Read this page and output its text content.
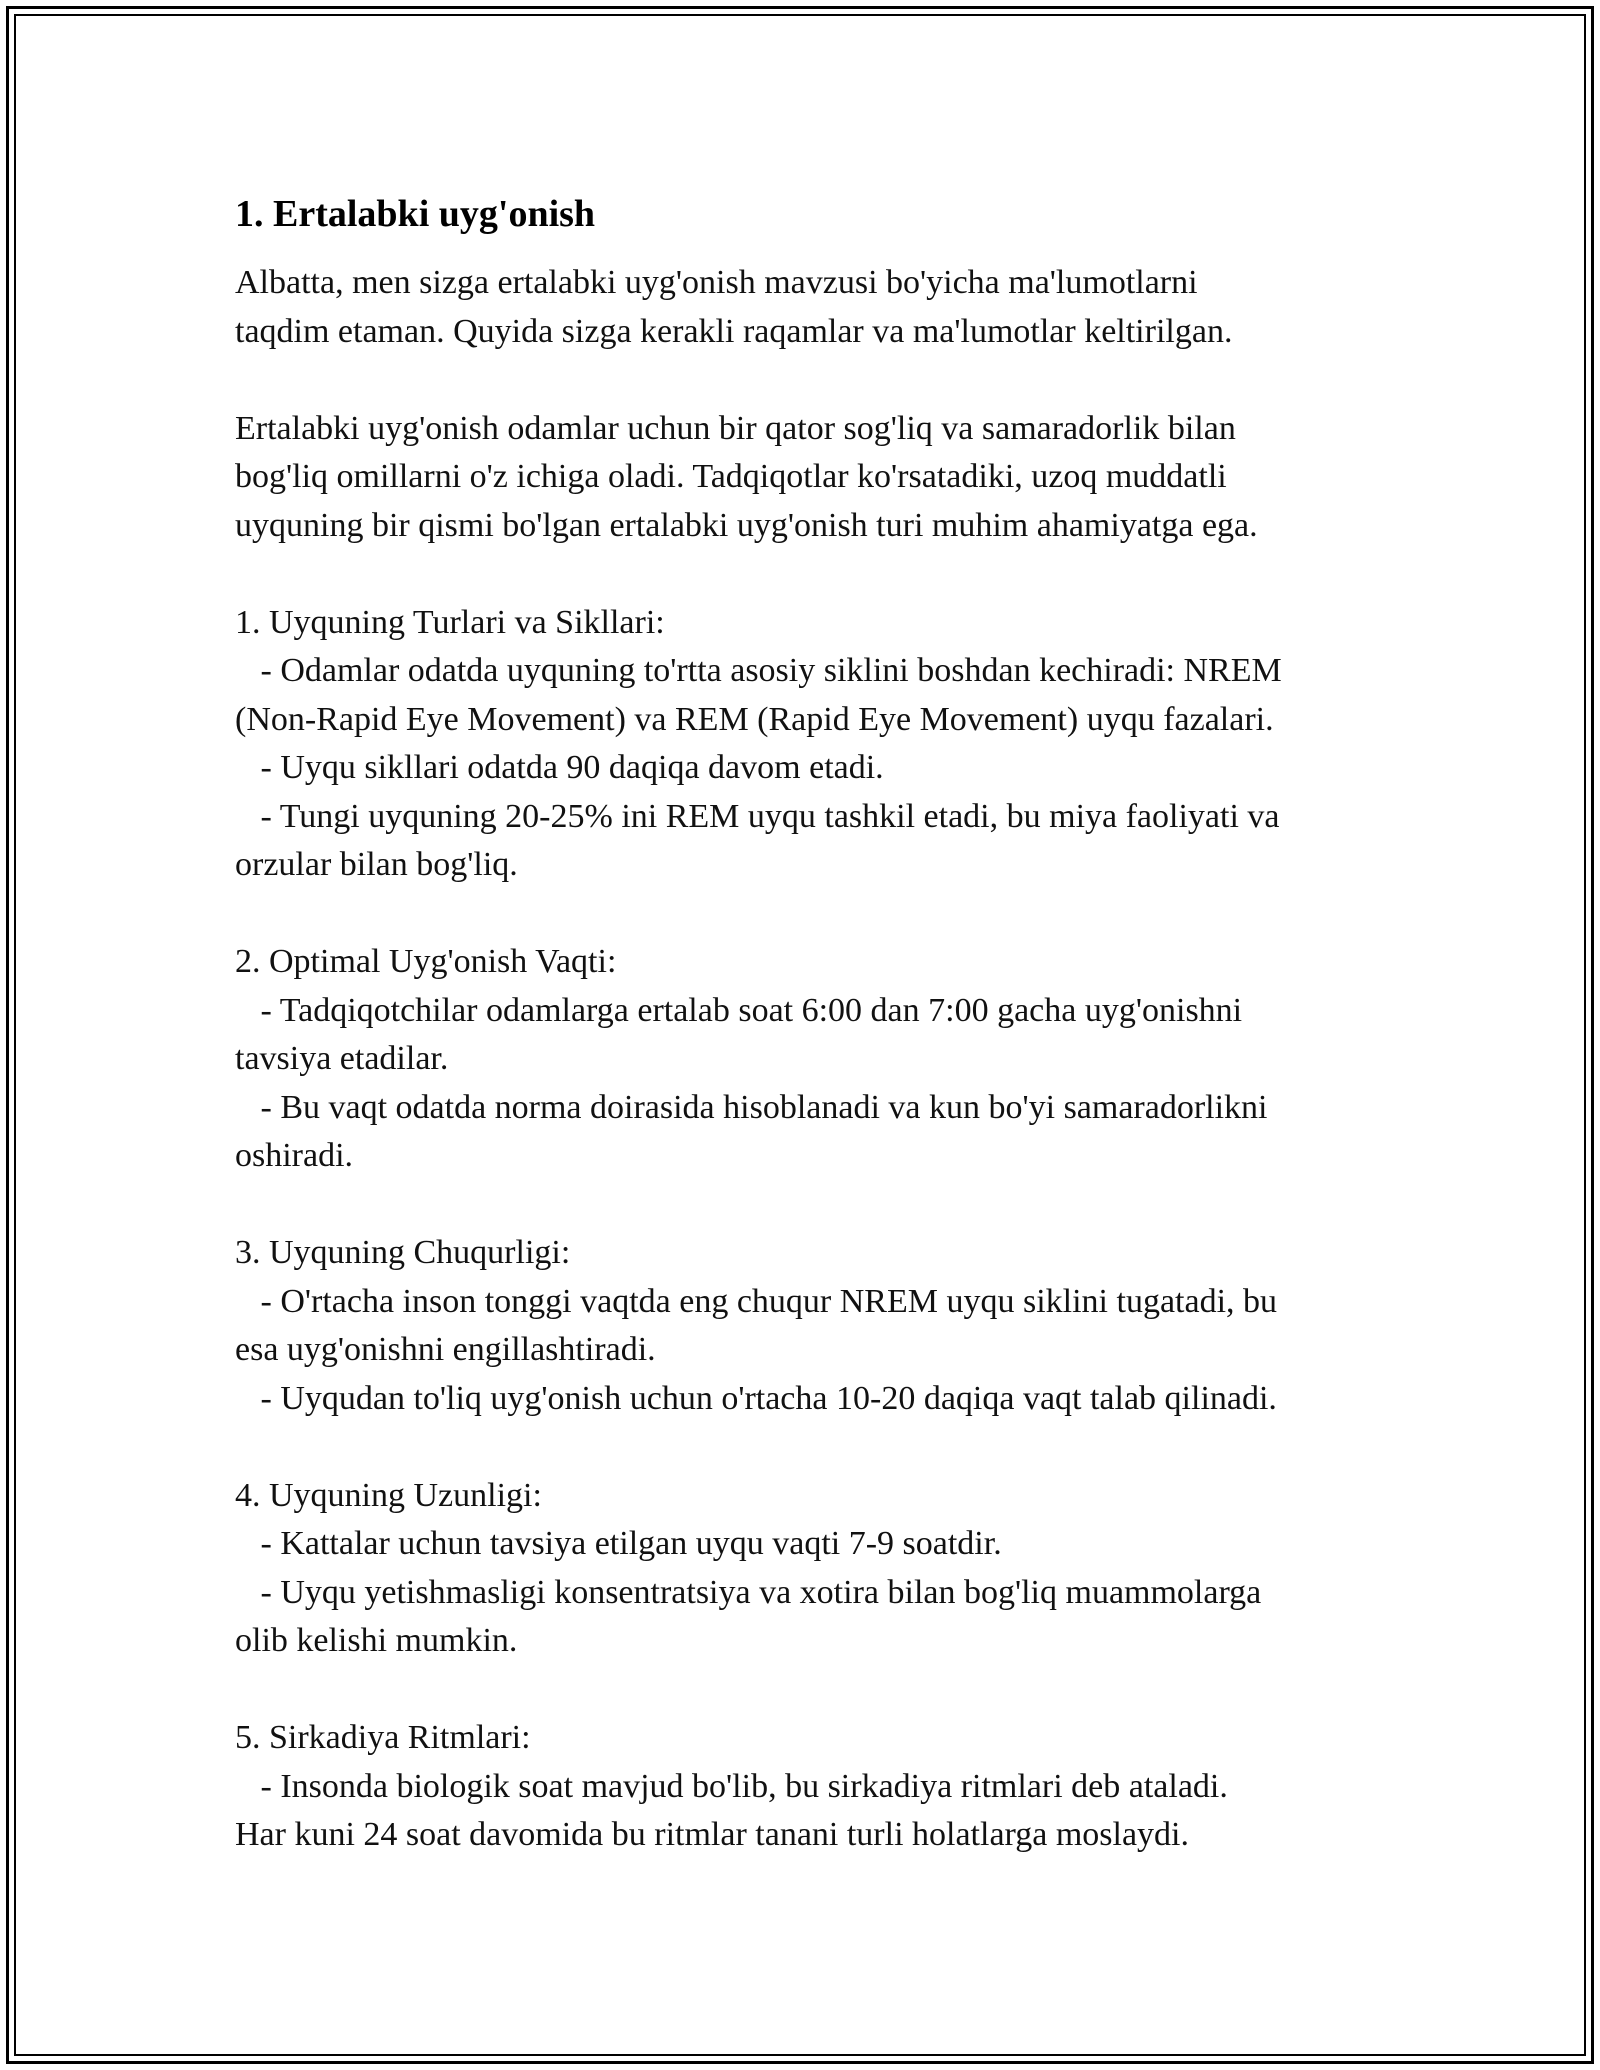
1. Ertalabki uyg'onish

Albatta, men sizga ertalabki uyg'onish mavzusi bo'yicha ma'lumotlarni
taqdim etaman. Quyida sizga kerakli raqamlar va ma'lumotlar keltirilgan.

Ertalabki uyg'onish odamlar uchun bir qator sog'liq va samaradorlik bilan
bog'liq omillarni o'z ichiga oladi. Tadqiqotlar ko'rsatadiki, uzoq muddatli
uyquning bir qismi bo'lgan ertalabki uyg'onish turi muhim ahamiyatga ega.

1. Uyquning Turlari va Sikllari:

- Odamlar odatda uyquning to'rtta asosiy siklini boshdan kechiradi: NREM
(Non-Rapid Eye Movement) va REM (Rapid Eye Movement) uyqu fazalari.

- Uyqu sikllari odatda 90 daqiqa davom etadi.

- Tungi uyquning 20-25% ini REM uyqu tashkil etadi, bu miya faoliyati va
orzular bilan bog'liq.

2. Optimal Uyg'onish Vaqti:

- Tadqiqotchilar odamlarga ertalab soat 6:00 dan 7:00 gacha uyg'onishni
tavsiya etadilar.

- Bu vaqt odatda norma doirasida hisoblanadi va kun bo'yi samaradorlikni
oshiradi.

3. Uyquning Chuqurligi:

- O'rtacha inson tonggi vaqtda eng chuqur NREM uyqu siklini tugatadi, bu
esa uyg'onishni engillashtiradi.

- Uyqudan to'liq uyg'onish uchun o'rtacha 10-20 daqiqa vaqt talab qilinadi.

4. Uyquning Uzunligi:

- Kattalar uchun tavsiya etilgan uyqu vaqti 7-9 soatdir.

- Uyqu yetishmasligi konsentratsiya va xotira bilan bog'liq muammolarga
olib kelishi mumkin.

5. Sirkadiya Ritmlari:

- Insonda biologik soat mavjud bo'lib, bu sirkadiya ritmlari deb ataladi.
Har kuni 24 soat davomida bu ritmlar tanani turli holatlarga moslaydi.
